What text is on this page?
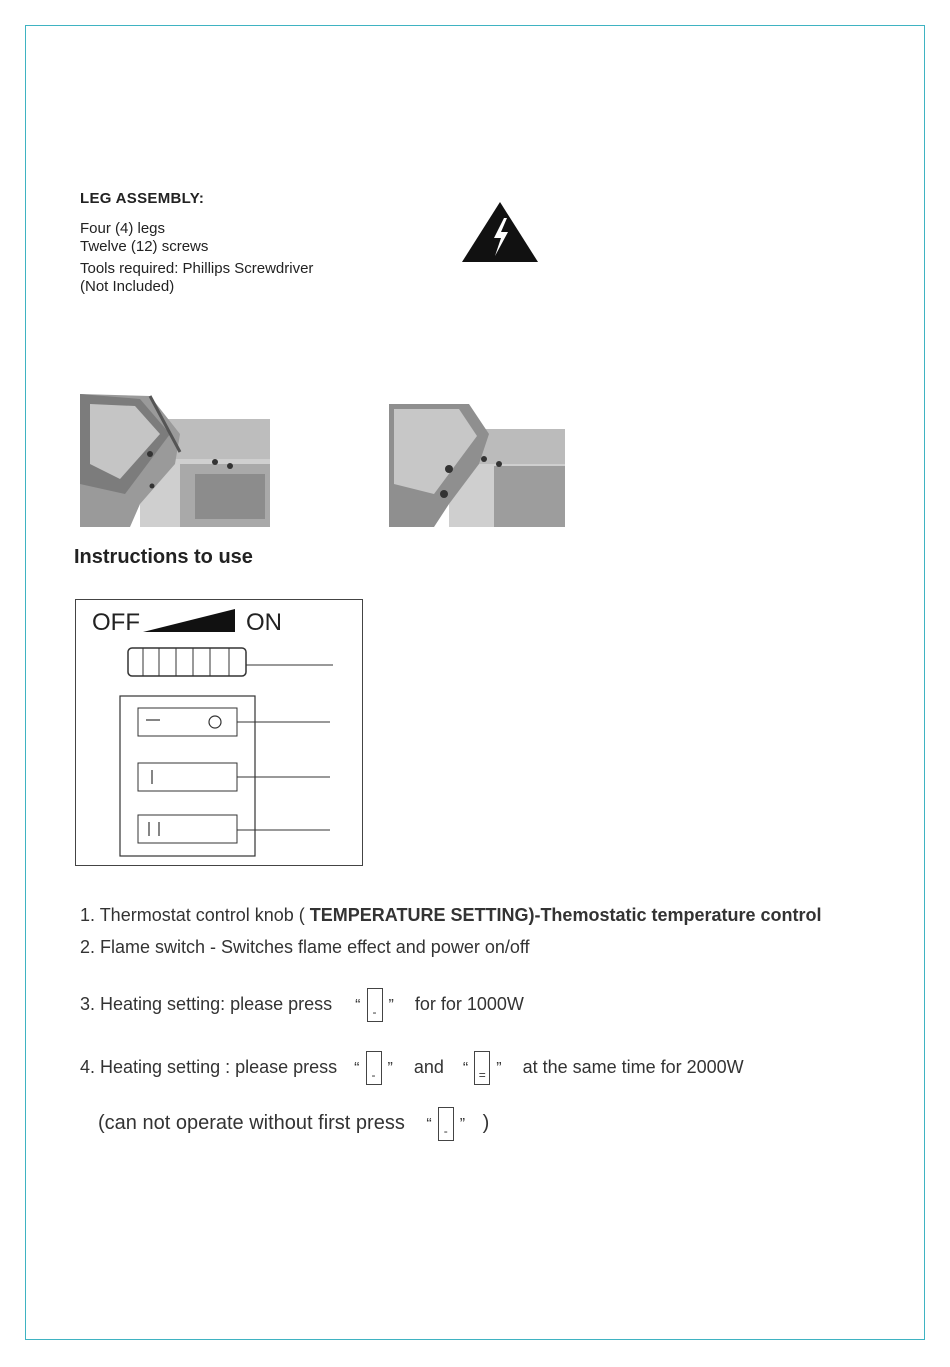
LEG ASSEMBLY:
Four (4) legs
Twelve (12) screws
Tools required: Phillips Screwdriver
(Not Included)
Instructions to use
OFF	ON
1. Thermostat control knob ( TEMPERATURE SETTING)-Themostatic temperature control
2. Flame switch - Switches flame effect and power on/off
3. Heating setting: please press “	- ” for for 1000W
4. Heating setting : please press “	- ” and “ = ” at the same time for 2000W
(can not operate without first press “	- ” )
